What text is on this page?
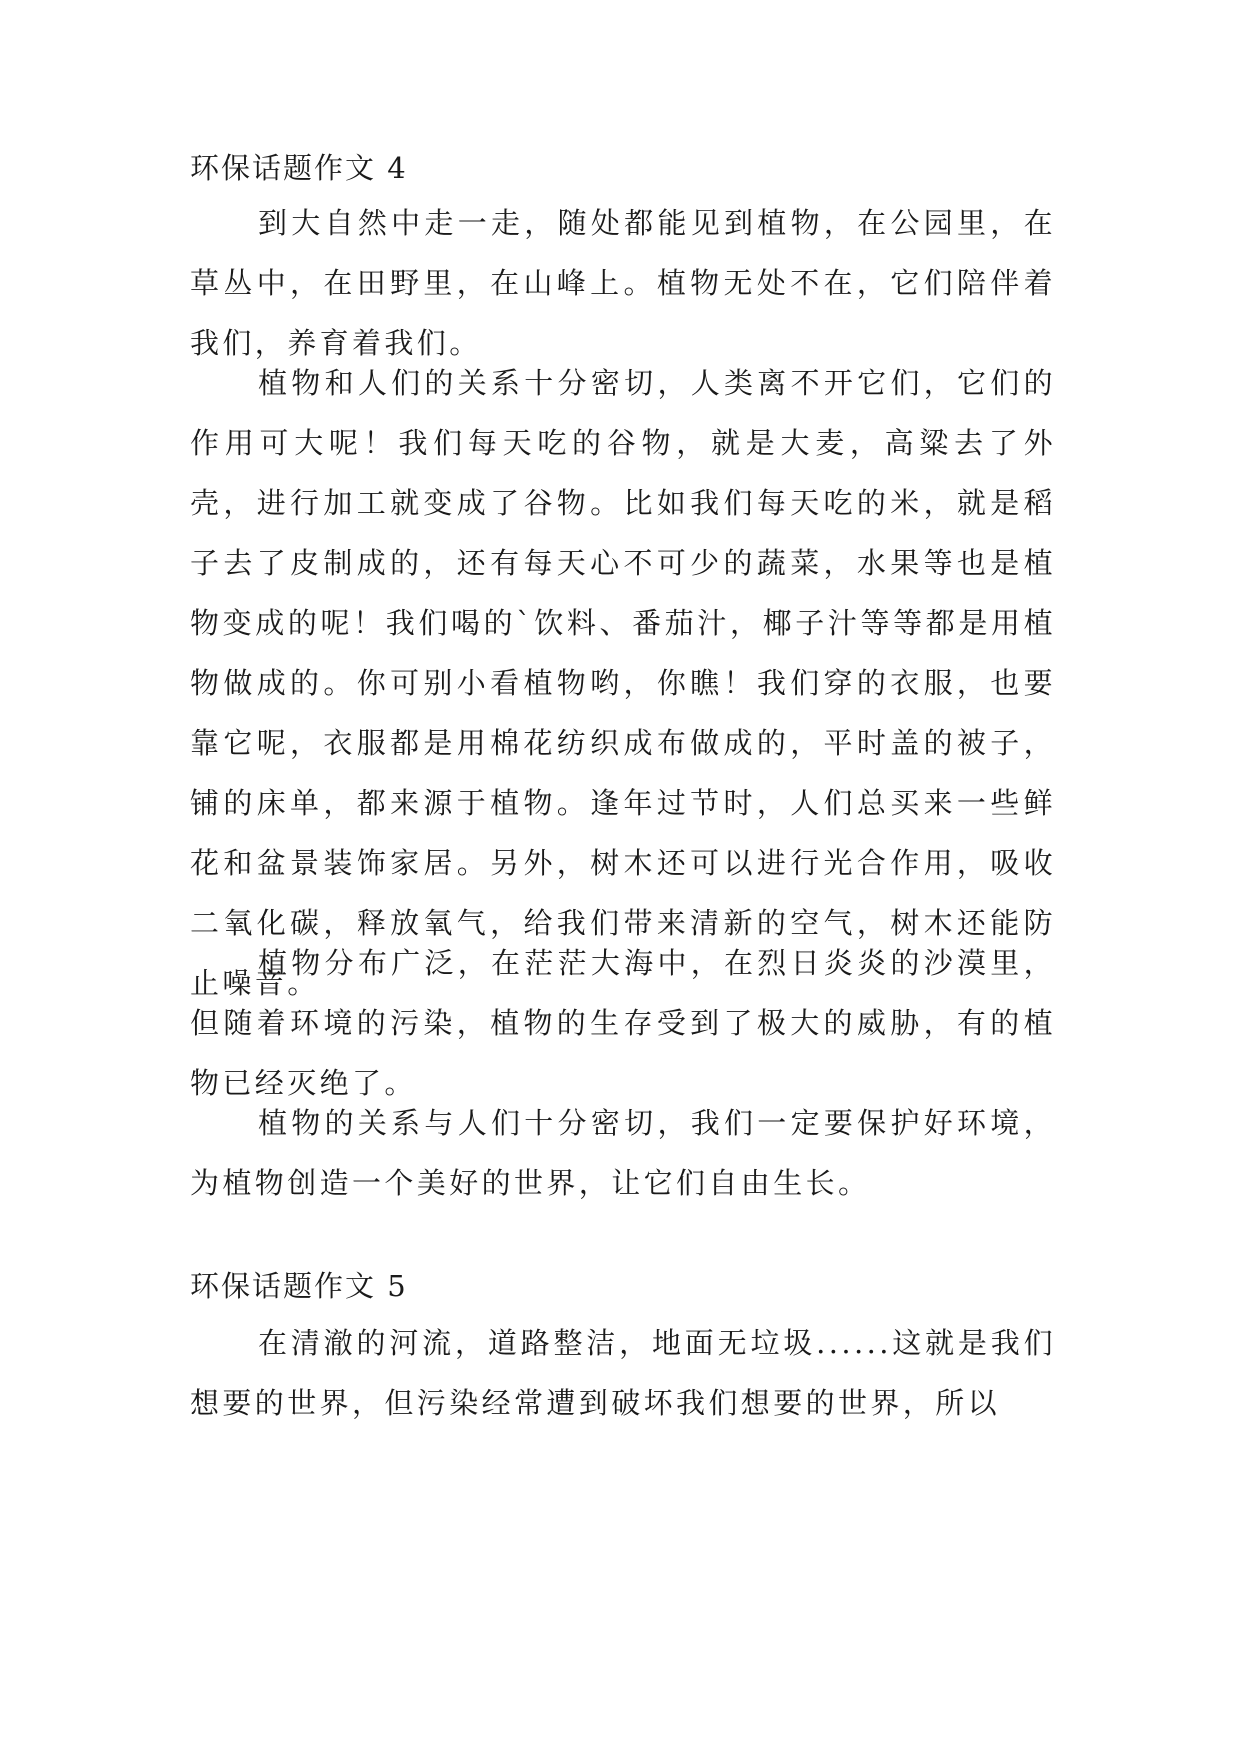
环保话题作文 4

到大自然中走一走，随处都能见到植物，在公园里，在草丛中，在田野里，在山峰上。植物无处不在，它们陪伴着我们，养育着我们。

植物和人们的关系十分密切，人类离不开它们，它们的作用可大呢！我们每天吃的谷物，就是大麦，高粱去了外壳，进行加工就变成了谷物。比如我们每天吃的米，就是稻子去了皮制成的，还有每天心不可少的蔬菜，水果等也是植物变成的呢！我们喝的`饮料、番茄汁，椰子汁等等都是用植物做成的。你可别小看植物哟，你瞧！我们穿的衣服，也要靠它呢，衣服都是用棉花纺织成布做成的，平时盖的被子，铺的床单，都来源于植物。逢年过节时，人们总买来一些鲜花和盆景装饰家居。另外，树木还可以进行光合作用，吸收二氧化碳，释放氧气，给我们带来清新的空气，树木还能防止噪音。

植物分布广泛，在茫茫大海中，在烈日炎炎的沙漠里，但随着环境的污染，植物的生存受到了极大的威胁，有的植物已经灭绝了。

植物的关系与人们十分密切，我们一定要保护好环境，为植物创造一个美好的世界，让它们自由生长。

环保话题作文 5

在清澈的河流，道路整洁，地面无垃圾......这就是我们想要的世界，但污染经常遭到破坏我们想要的世界，所以
